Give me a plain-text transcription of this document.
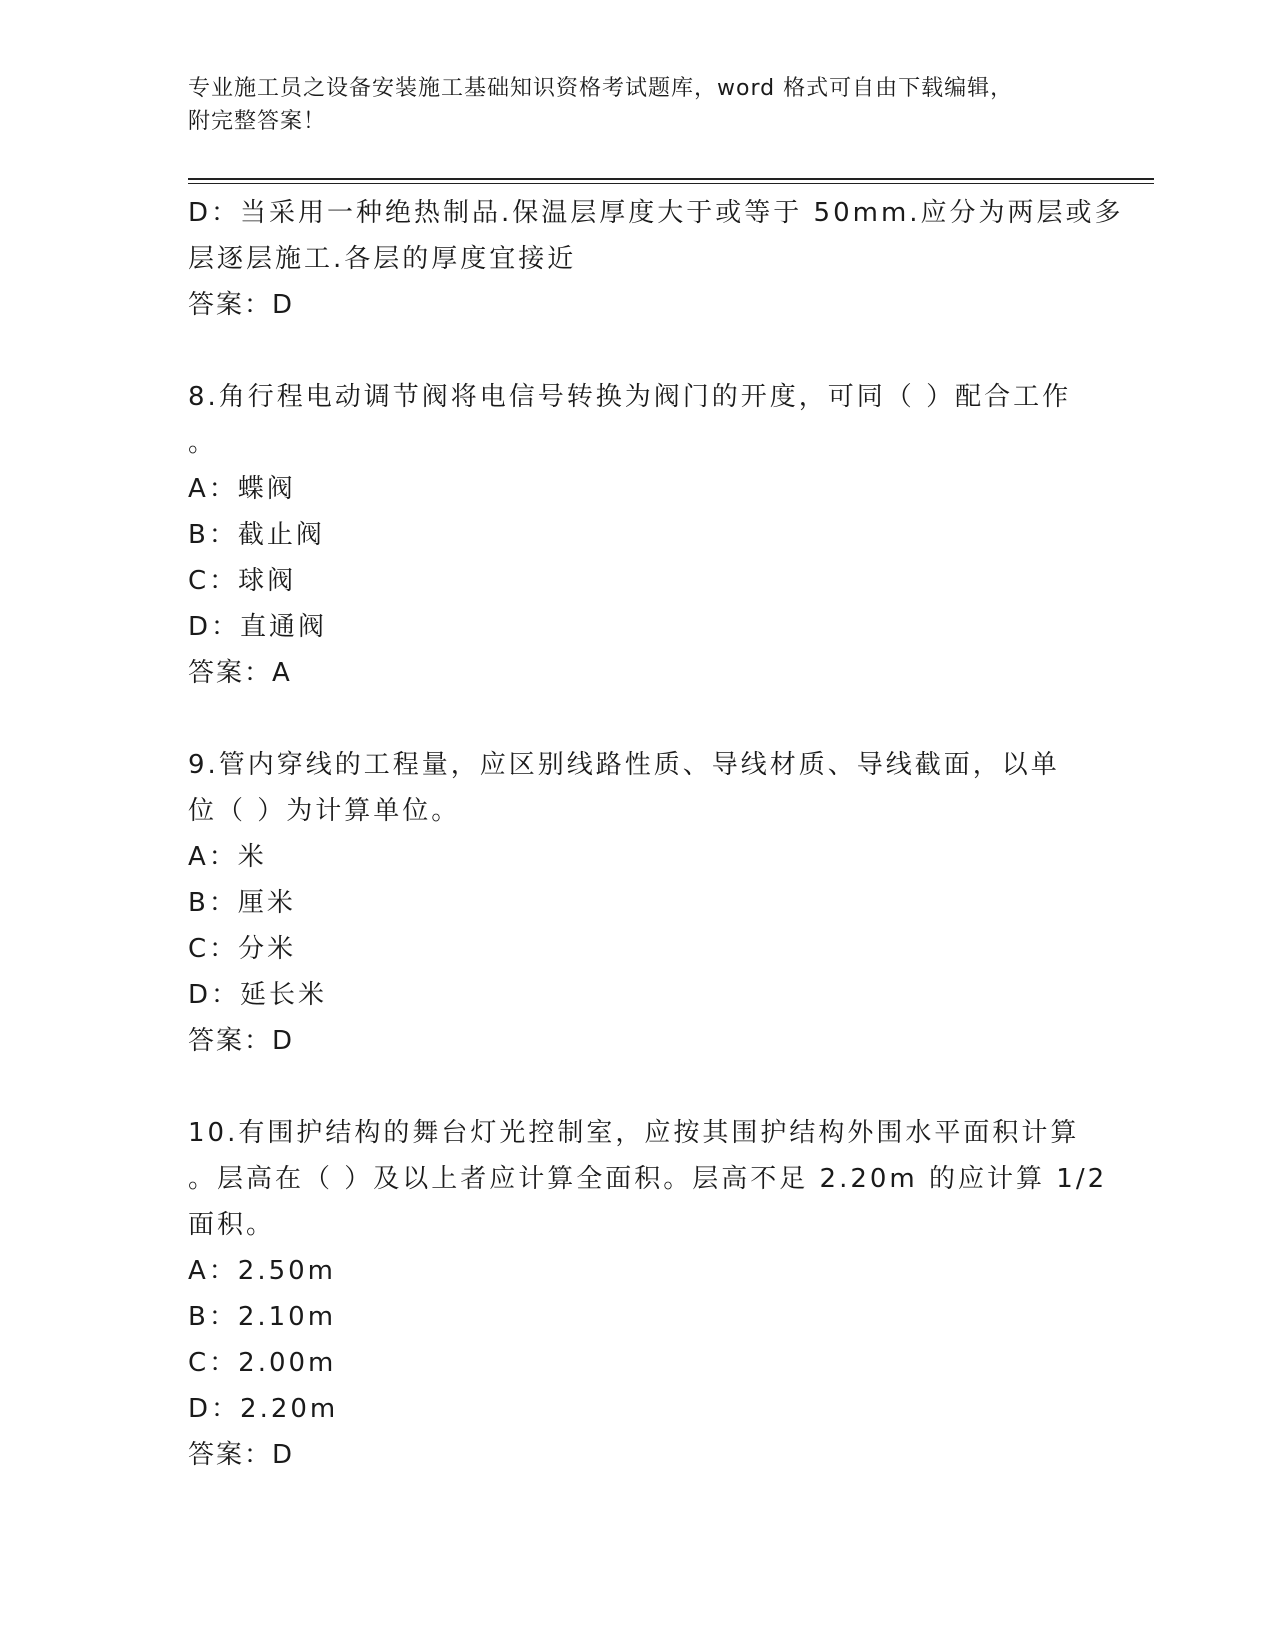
专业施工员之设备安装施工基础知识资格考试题库，word 格式可自由下载编辑，
附完整答案！
D：当采用一种绝热制品.保温层厚度大于或等于 50mm.应分为两层或多
层逐层施工.各层的厚度宜接近
答案：D
8.角行程电动调节阀将电信号转换为阀门的开度，可同（ ）配合工作
。
A：蝶阀
B：截止阀
C：球阀
D：直通阀
答案：A
9.管内穿线的工程量，应区别线路性质、导线材质、导线截面，以单
位（ ）为计算单位。
A：米
B：厘米
C：分米
D：延长米
答案：D
10.有围护结构的舞台灯光控制室，应按其围护结构外围水平面积计算
。层高在（ ）及以上者应计算全面积。层高不足 2.20m 的应计算 1/2
面积。
A：2.50m
B：2.10m
C：2.00m
D：2.20m
答案：D
